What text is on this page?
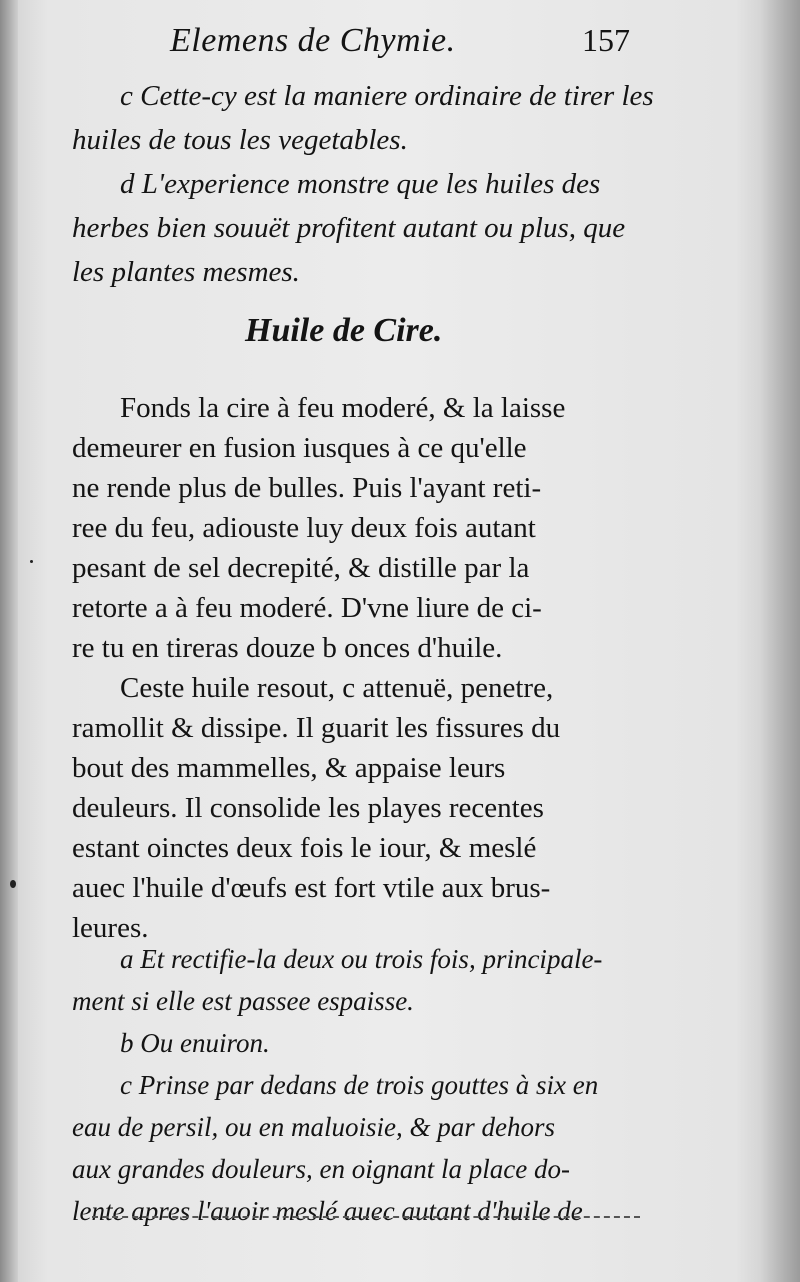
Elemens de Chymie.	157
c Cette-cy est la maniere ordinaire de tirer les
huiles de tous les vegetables.
d L'experience monstre que les huiles des
herbes bien souuët profitent autant ou plus, que
les plantes mesmes.
Huile de Cire.
Fonds la cire à feu moderé, & la laisse
demeurer en fusion iusques à ce qu'elle
ne rende plus de bulles. Puis l'ayant reti-
ree du feu, adiouste luy deux fois autant
pesant de sel decrepité, & distille par la
retorte a à feu moderé. D'vne liure de ci-
re tu en tireras douze b onces d'huile.
Ceste huile resout, c attenuë, penetre,
ramollit & dissipe. Il guarit les fissures du
bout des mammelles, & appaise leurs
deuleurs. Il consolide les playes recentes
estant oinctes deux fois le iour, & meslé
auec l'huile d'œufs est fort vtile aux brus-
leures.
a Et rectifie-la deux ou trois fois, principale-
ment si elle est passee espaisse.
b Ou enuiron.
c Prinse par dedans de trois gouttes à six en
eau de persil, ou en maluoisie, & par dehors
aux grandes douleurs, en oignant la place do-
lente apres l'auoir meslé auec autant d'huile de
